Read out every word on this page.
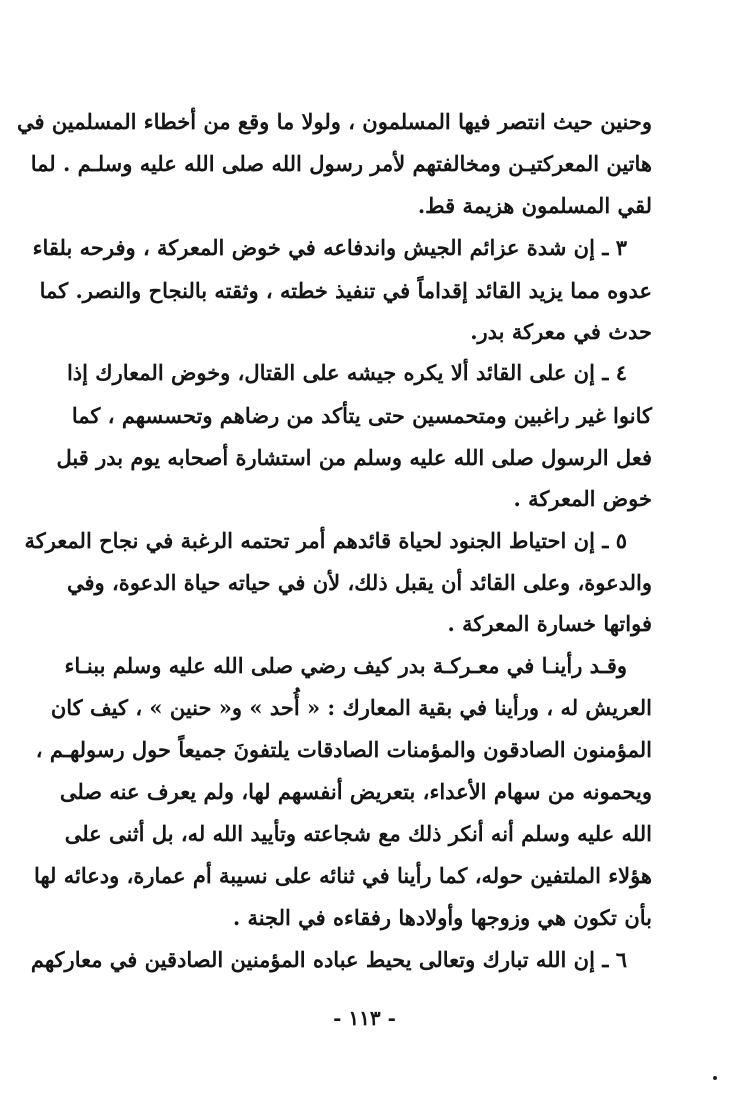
وحنين حيث انتصر فيها المسلمون ، ولولا ما وقع من أخطاء المسلمين في
هاتين المعركتيـن ومخالفتهم لأمر رسول الله صلى الله عليه وسلـم . لما
لقي المسلمون هزيمة قط.
٣ ـ إن شدة عزائم الجيش واندفاعه في خوض المعركة ، وفرحه بلقاء
عدوه مما يزيد القائد إقداماً في تنفيذ خطته ، وثقته بالنجاح والنصر. كما
حدث في معركة بدر.
٤ ـ إن على القائد ألا يكره جيشه على القتال، وخوض المعارك إذا
كانوا غير راغبين ومتحمسين حتى يتأكد من رضاهم وتحسسهم ، كما
فعل الرسول صلى الله عليه وسلم من استشارة أصحابه يوم بدر قبل
خوض المعركة .
٥ ـ إن احتياط الجنود لحياة قائدهم أمر تحتمه الرغبة في نجاح المعركة
والدعوة، وعلى القائد أن يقبل ذلك، لأن في حياته حياة الدعوة، وفي
فواتها خسارة المعركة .
وقـد رأينـا في معـركـة بدر كيف رضي صلى الله عليه وسلم ببنـاء
العريش له ، ورأينا في بقية المعارك : « أُحد » و« حنين » ، كيف كان
المؤمنون الصادقون والمؤمنات الصادقات يلتفونَ جميعاً حول رسولهـم ،
ويحمونه من سهام الأعداء، بتعريض أنفسهم لها، ولم يعرف عنه صلى
الله عليه وسلم أنه أنكر ذلك مع شجاعته وتأييد الله له، بل أثنى على
هؤلاء الملتفين حوله، كما رأينا في ثنائه على نسيبة أم عمارة، ودعائه لها
بأن تكون هي وزوجها وأولادها رفقاءه في الجنة .
٦ ـ إن الله تبارك وتعالى يحيط عباده المؤمنين الصادقين في معاركهم
- ١١٣ -
